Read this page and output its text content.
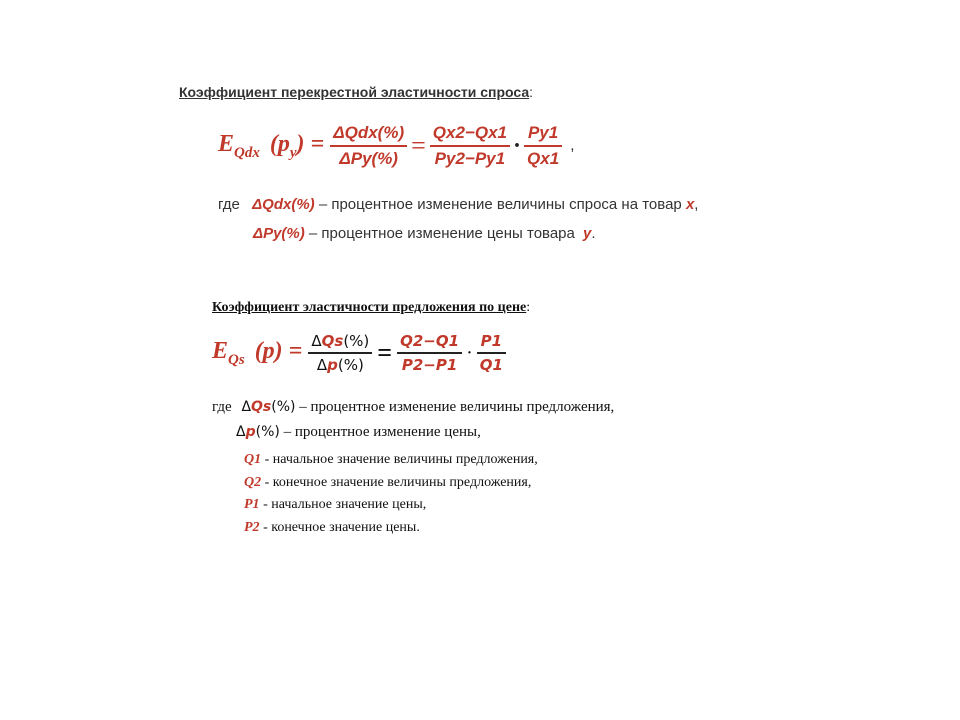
Коэффициент перекрестной эластичности спроса:
$E_{Qdx}$ $(p_y) = \frac{\text{ΔQdx(\%)}}{\text{ΔPy(\%)}} = \frac{Qx2-Qx1}{Py2-Py1} \cdot \frac{Py1}{Qx1}$ ,
где ΔQdx(%) – процентное изменение величины спроса на товар x,
ΔPy(%) – процентное изменение цены товара y.
Коэффициент эластичности предложения по цене:
$E_{Qs}$ $(p) = \frac{\text{ΔQs(\%)}}{\Delta p(\%)} = \frac{Q2-Q1}{P2-P1} \cdot \frac{P1}{Q1}$
где ΔQs(%) – процентное изменение величины предложения,
Δp(%) – процентное изменение цены,
Q1 - начальное значение величины предложения,
Q2 - конечное значение величины предложения,
P1 - начальное значение цены,
P2 - конечное значение цены.
